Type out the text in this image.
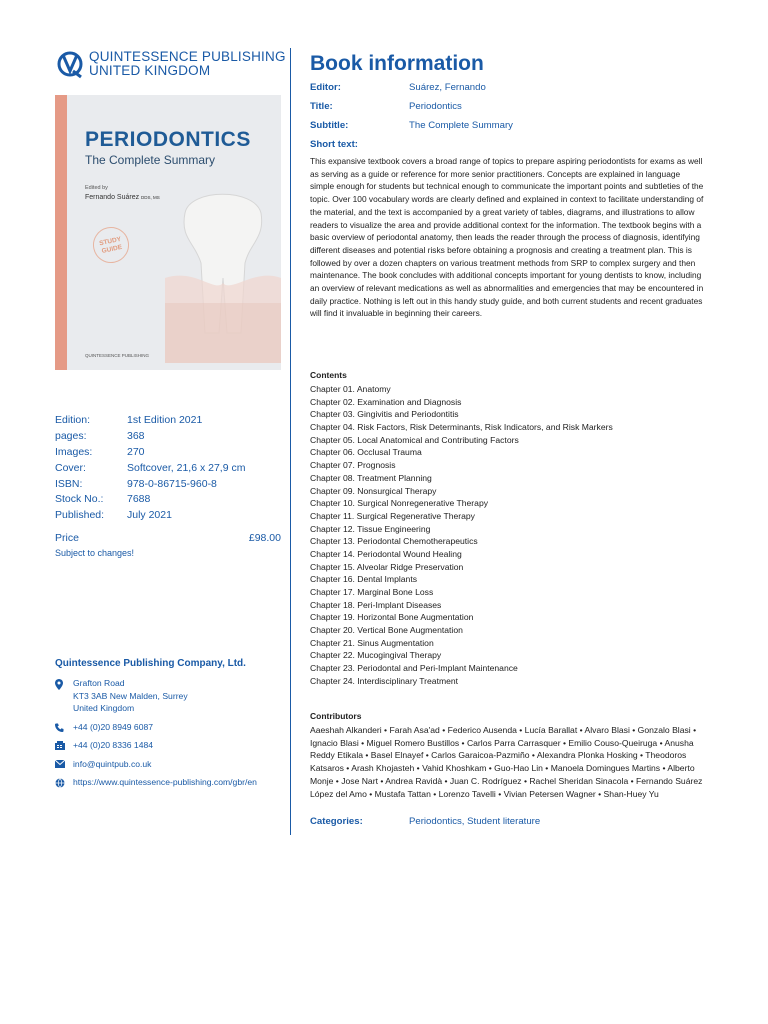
QUINTESSENCE PUBLISHING
UNITED KINGDOM
PERIODONTICS
The Complete Summary
Edited by
Fernando Suárez DDS, MS
STUDY
GUIDE
QUINTESSENCE PUBLISHING
Edition:	1st Edition 2021
pages:	368
Images:	270
Cover:	Softcover, 21,6 x 27,9 cm
ISBN:	978-0-86715-960-8
Stock No.:	7688
Published:	July 2021
Price	£98.00
Subject to changes!
Quintessence Publishing Company, Ltd.
Grafton Road
KT3 3AB New Malden, Surrey
United Kingdom
+44 (0)20 8949 6087
+44 (0)20 8336 1484
info@quintpub.co.uk
https://www.quintessence-publishing.com/gbr/en
Book information
Editor:	Suárez, Fernando
Title:	Periodontics
Subtitle:	The Complete Summary
Short text:
This expansive textbook covers a broad range of topics to prepare aspiring periodontists for exams as well as serving as a guide or reference for more senior practitioners. Concepts are explained in language simple enough for students but technical enough to communicate the important points and subtleties of the topic. Over 100 vocabulary words are clearly defined and explained in context to facilitate understanding of the material, and the text is accompanied by a great variety of tables, diagrams, and illustrations to allow readers to visualize the area and provide additional context for the information. The textbook begins with a basic overview of periodontal anatomy, then leads the reader through the process of diagnosis, identifying different diseases and potential risks before obtaining a prognosis and creating a treatment plan. This is followed by over a dozen chapters on various treatment methods from SRP to complex surgery and then maintenance. The book concludes with additional concepts important for young dentists to know, including an overview of relevant medications as well as abnormalities and emergencies that may be encountered in daily practice. Nothing is left out in this handy study guide, and both current students and recent graduates will find it invaluable in beginning their careers.
Contents
Chapter 01. Anatomy
Chapter 02. Examination and Diagnosis
Chapter 03. Gingivitis and Periodontitis
Chapter 04. Risk Factors, Risk Determinants, Risk Indicators, and Risk Markers
Chapter 05. Local Anatomical and Contributing Factors
Chapter 06. Occlusal Trauma
Chapter 07. Prognosis
Chapter 08. Treatment Planning
Chapter 09. Nonsurgical Therapy
Chapter 10. Surgical Nonregenerative Therapy
Chapter 11. Surgical Regenerative Therapy
Chapter 12. Tissue Engineering
Chapter 13. Periodontal Chemotherapeutics
Chapter 14. Periodontal Wound Healing
Chapter 15. Alveolar Ridge Preservation
Chapter 16. Dental Implants
Chapter 17. Marginal Bone Loss
Chapter 18. Peri-Implant Diseases
Chapter 19. Horizontal Bone Augmentation
Chapter 20. Vertical Bone Augmentation
Chapter 21. Sinus Augmentation
Chapter 22. Mucogingival Therapy
Chapter 23. Periodontal and Peri-Implant Maintenance
Chapter 24. Interdisciplinary Treatment
Contributors
Aaeshah Alkanderi • Farah Asa'ad • Federico Ausenda • Lucía Barallat • Alvaro Blasi • Gonzalo Blasi • Ignacio Blasi • Miguel Romero Bustillos • Carlos Parra Carrasquer • Emilio Couso-Queiruga • Anusha Reddy Etikala • Basel Elnayef • Carlos Garaicoa-Pazmiño • Alexandra Plonka Hosking • Theodoros Katsaros • Arash Khojasteh • Vahid Khoshkam • Guo-Hao Lin • Manoela Domingues Martins • Alberto Monje • Jose Nart • Andrea Ravidà • Juan C. Rodríguez • Rachel Sheridan Sinacola • Fernando Suárez López del Amo • Mustafa Tattan • Lorenzo Tavelli • Vivian Petersen Wagner • Shan-Huey Yu
Categories:	Periodontics, Student literature
